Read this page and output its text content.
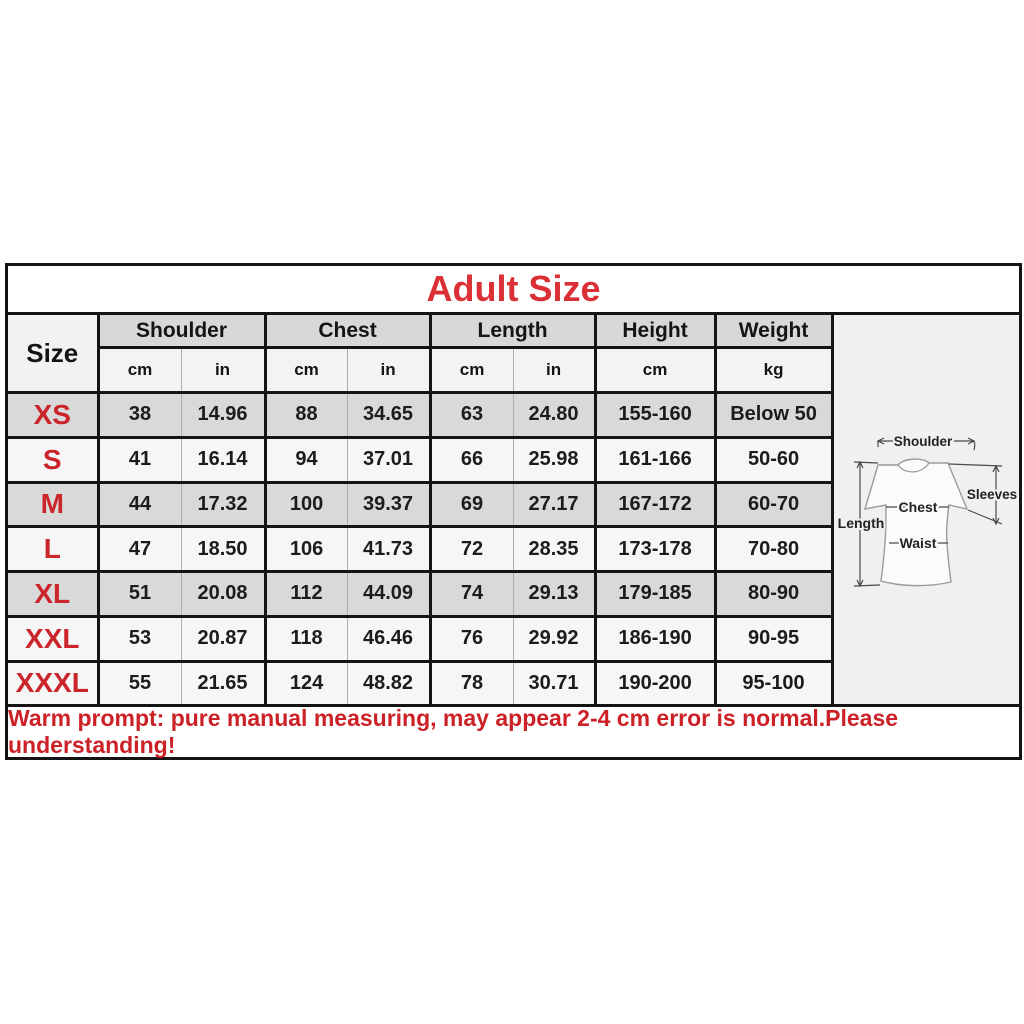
Adult Size
Size	Shoulder		Chest		Length		Height	Weight
	cm	in	cm	in	cm	in	cm	kg
XS	38	14.96	88	34.65	63	24.80	155-160	Below 50
S	41	16.14	94	37.01	66	25.98	161-166	50-60
M	44	17.32	100	39.37	69	27.17	167-172	60-70
L	47	18.50	106	41.73	72	28.35	173-178	70-80
XL	51	20.08	112	44.09	74	29.13	179-185	80-90
XXL	53	20.87	118	46.46	76	29.92	186-190	90-95
XXXL	55	21.65	124	48.82	78	30.71	190-200	95-100
Shoulder
Sleeves
Chest
Waist
Length
Warm prompt: pure manual measuring, may appear 2-4 cm error is normal.Please understanding!
